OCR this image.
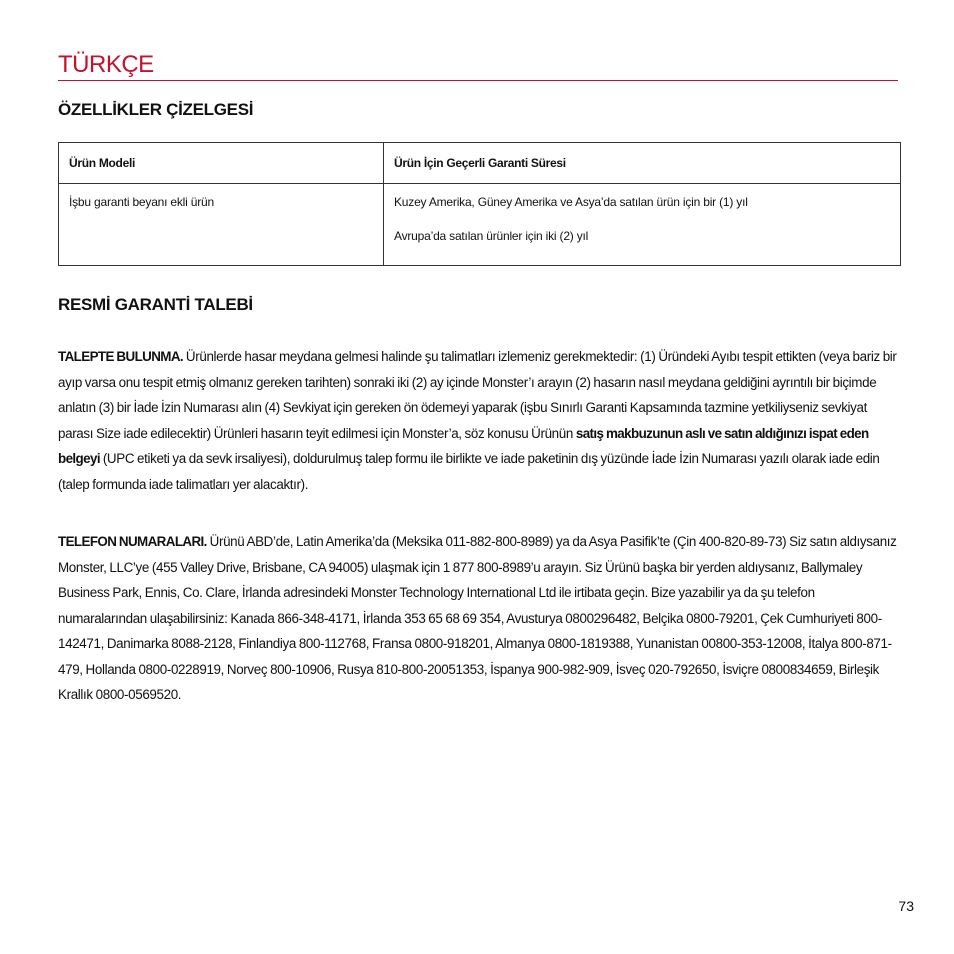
TÜRKÇE
ÖZELLİKLER ÇİZELGESİ
Ürün Modeli	Ürün İçin Geçerli Garanti Süresi

İşbu garanti beyanı ekli ürün	Kuzey Amerika, Güney Amerika ve Asya’da satılan ürün için bir (1) yıl
Avrupa’da satılan ürünler için iki (2) yıl
RESMİ GARANTİ TALEBİ

TALEPTE BULUNMA. Ürünlerde hasar meydana gelmesi halinde şu talimatları izlemeniz gerekmektedir: (1) Üründeki Ayıbı tespit ettikten (veya bariz bir ayıp varsa onu tespit etmiş olmanız gereken tarihten) sonraki iki (2) ay içinde Monster’ı arayın (2) hasarın nasıl meydana geldiğini ayrıntılı bir biçimde anlatın (3) bir İade İzin Numarası alın (4) Sevkiyat için gereken ön ödemeyi yaparak (işbu Sınırlı Garanti Kapsamında tazmine yetkiliyseniz sevkiyat parası Size iade edilecektir) Ürünleri hasarın teyit edilmesi için Monster’a, söz konusu Ürünün satış makbuzunun aslı ve satın aldığınızı ispat eden belgeyi (UPC etiketi ya da sevk irsaliyesi), doldurulmuş talep formu ile birlikte ve iade paketinin dış yüzünde İade İzin Numarası yazılı olarak iade edin (talep formunda iade talimatları yer alacaktır).

TELEFON NUMARALARI. Ürünü ABD’de, Latin Amerika’da (Meksika 011-882-800-8989) ya da Asya Pasifik’te (Çin 400-820-89-73) Siz satın aldıysanız Monster, LLC’ye (455 Valley Drive, Brisbane, CA 94005) ulaşmak için 1 877 800-8989’u arayın. Siz Ürünü başka bir yerden aldıysanız, Ballymaley Business Park, Ennis, Co. Clare, İrlanda adresindeki Monster Technology International Ltd ile irtibata geçin. Bize yazabilir ya da şu telefon numaralarından ulaşabilirsiniz: Kanada 866-348-4171, İrlanda 353 65 68 69 354, Avusturya 0800296482, Belçika 0800-79201, Çek Cumhuriyeti 800-142471, Danimarka 8088-2128, Finlandiya 800-112768, Fransa 0800-918201, Almanya 0800-1819388, Yunanistan 00800-353-12008, İtalya 800-871-479, Hollanda 0800-0228919, Norveç 800-10906, Rusya 810-800-20051353, İspanya 900-982-909, İsveç 020-792650, İsviçre 0800834659, Birleşik Krallık 0800-0569520.

73
